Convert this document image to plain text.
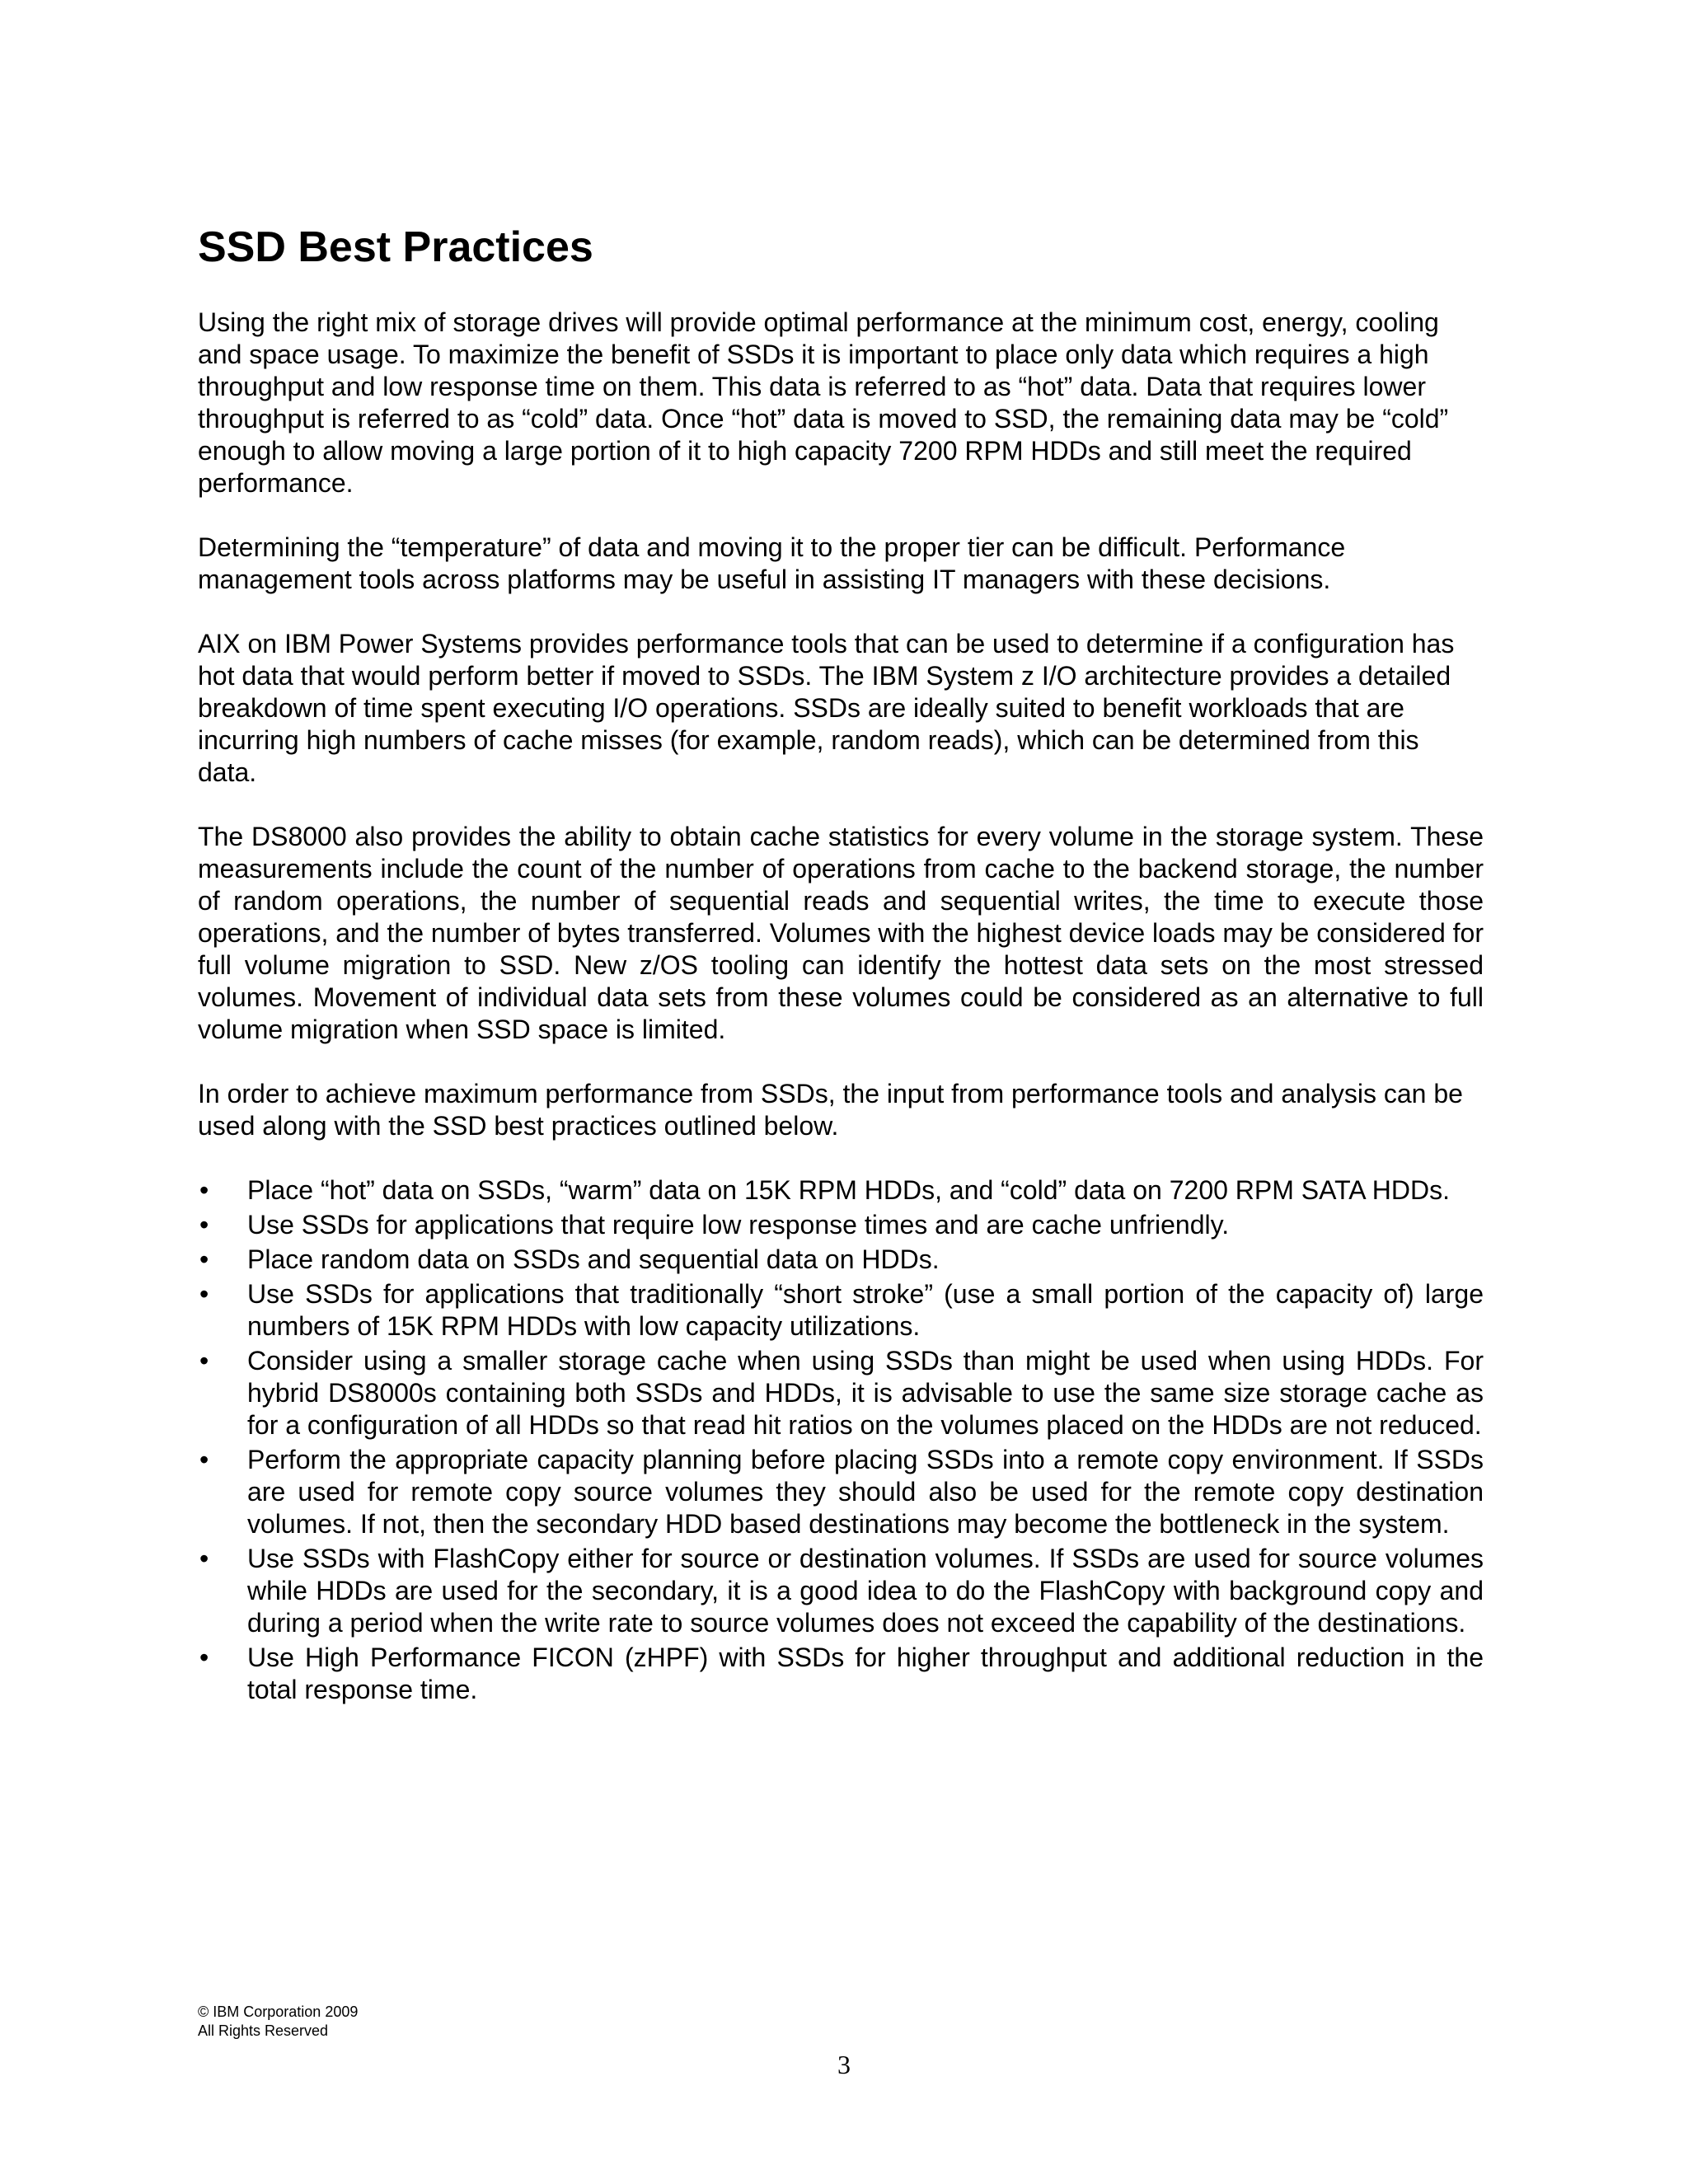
SSD Best Practices

Using the right mix of storage drives will provide optimal performance at the minimum cost, energy, cooling and space usage. To maximize the benefit of SSDs it is important to place only data which requires a high throughput and low response time on them. This data is referred to as “hot” data. Data that requires lower throughput is referred to as “cold” data. Once “hot” data is moved to SSD, the remaining data may be “cold” enough to allow moving a large portion of it to high capacity 7200 RPM HDDs and still meet the required performance.

Determining the “temperature” of data and moving it to the proper tier can be difficult. Performance management tools across platforms may be useful in assisting IT managers with these decisions.

AIX on IBM Power Systems provides performance tools that can be used to determine if a configuration has hot data that would perform better if moved to SSDs. The IBM System z I/O architecture provides a detailed breakdown of time spent executing I/O operations. SSDs are ideally suited to benefit workloads that are incurring high numbers of cache misses (for example, random reads), which can be determined from this data.

The DS8000 also provides the ability to obtain cache statistics for every volume in the storage system. These measurements include the count of the number of operations from cache to the backend storage, the number of random operations, the number of sequential reads and sequential writes, the time to execute those operations, and the number of bytes transferred. Volumes with the highest device loads may be considered for full volume migration to SSD. New z/OS tooling can identify the hottest data sets on the most stressed volumes. Movement of individual data sets from these volumes could be considered as an alternative to full volume migration when SSD space is limited.

In order to achieve maximum performance from SSDs, the input from performance tools and analysis can be used along with the SSD best practices outlined below.

•	Place “hot” data on SSDs, “warm” data on 15K RPM HDDs, and “cold” data on 7200 RPM SATA HDDs.
•	Use SSDs for applications that require low response times and are cache unfriendly.
•	Place random data on SSDs and sequential data on HDDs.
•	Use SSDs for applications that traditionally “short stroke” (use a small portion of the capacity of) large numbers of 15K RPM HDDs with low capacity utilizations.
•	Consider using a smaller storage cache when using SSDs than might be used when using HDDs. For hybrid DS8000s containing both SSDs and HDDs, it is advisable to use the same size storage cache as for a configuration of all HDDs so that read hit ratios on the volumes placed on the HDDs are not reduced.
•	Perform the appropriate capacity planning before placing SSDs into a remote copy environment. If SSDs are used for remote copy source volumes they should also be used for the remote copy destination volumes. If not, then the secondary HDD based destinations may become the bottleneck in the system.
•	Use SSDs with FlashCopy either for source or destination volumes. If SSDs are used for source volumes while HDDs are used for the secondary, it is a good idea to do the FlashCopy with background copy and during a period when the write rate to source volumes does not exceed the capability of the destinations.
•	Use High Performance FICON (zHPF) with SSDs for higher throughput and additional reduction in the total response time.
© IBM Corporation 2009
All Rights Reserved
3
